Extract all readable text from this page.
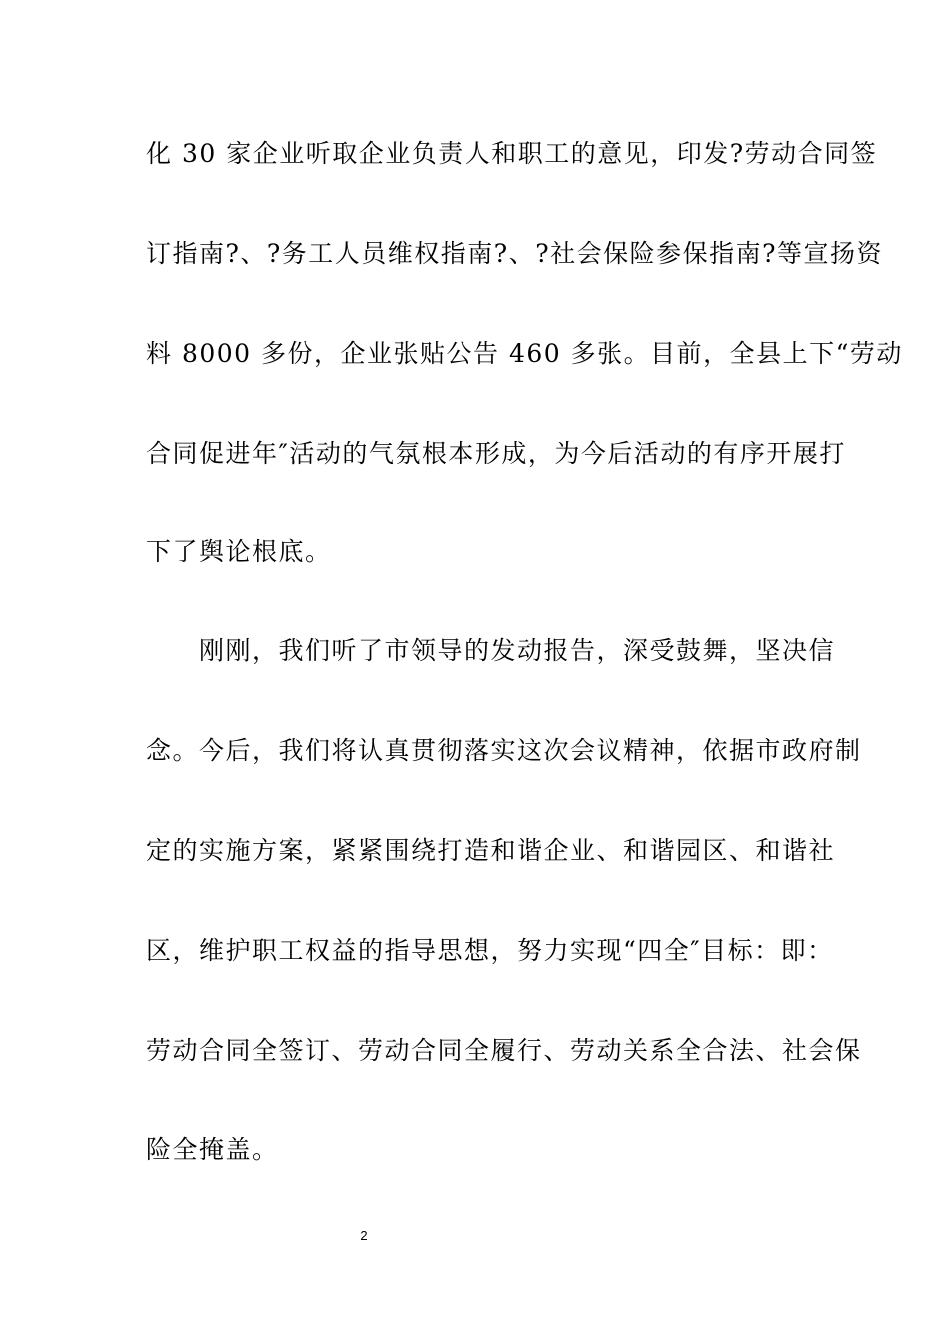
化 30 家企业听取企业负责人和职工的意见，印发?劳动合同签
订指南?、?务工人员维权指南?、?社会保险参保指南?等宣扬资
料 8000 多份，企业张贴公告 460 多张。目前，全县上下“劳动
合同促进年″活动的气氛根本形成，为今后活动的有序开展打
下了舆论根底。
　　刚刚，我们听了市领导的发动报告，深受鼓舞，坚决信
念。今后，我们将认真贯彻落实这次会议精神，依据市政府制
定的实施方案，紧紧围绕打造和谐企业、和谐园区、和谐社
区，维护职工权益的指导思想，努力实现“四全″目标：即：
劳动合同全签订、劳动合同全履行、劳动关系全合法、社会保
险全掩盖。
2
